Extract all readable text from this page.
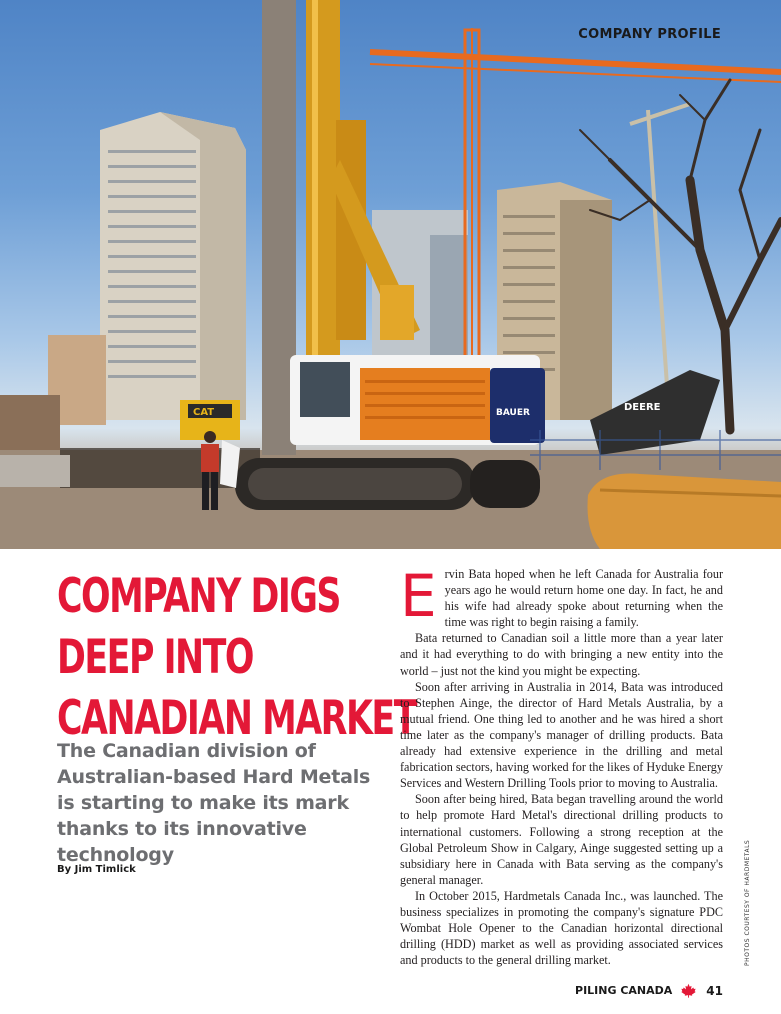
BAUER
CAT	DEERE
COMPANY PROFILE
COMPANY DIGS
DEEP INTO
CANADIAN MARKET

The Canadian division of Australian-based Hard Metals is starting to make its mark thanks to its innovative technology

By Jim Timlick

Ervin Bata hoped when he left Canada for Australia four years ago he would return home one day. In fact, he and his wife had already spoke about returning when the time was right to begin raising a family.

Bata returned to Canadian soil a little more than a year later and it had everything to do with bringing a new entity into the world – just not the kind you might be expecting.

Soon after arriving in Australia in 2014, Bata was introduced to Stephen Ainge, the director of Hard Metals Australia, by a mutual friend. One thing led to another and he was hired a short time later as the company's manager of drilling products. Bata already had extensive experience in the drilling and metal fabrication sectors, having worked for the likes of Hyduke Energy Services and Western Drilling Tools prior to moving to Australia.

Soon after being hired, Bata began travelling around the world to help promote Hard Metal's directional drilling products to international customers. Following a strong reception at the Global Petroleum Show in Calgary, Ainge suggested setting up a subsidiary here in Canada with Bata serving as the company's general manager.

In October 2015, Hardmetals Canada Inc., was launched. The business specializes in promoting the company's signature PDC Wombat Hole Opener to the Canadian horizontal directional drilling (HDD) market as well as providing associated services and products to the general drilling market.	PHOTOS COURTESY OF HARDMETALS
PILING CANADA	41
